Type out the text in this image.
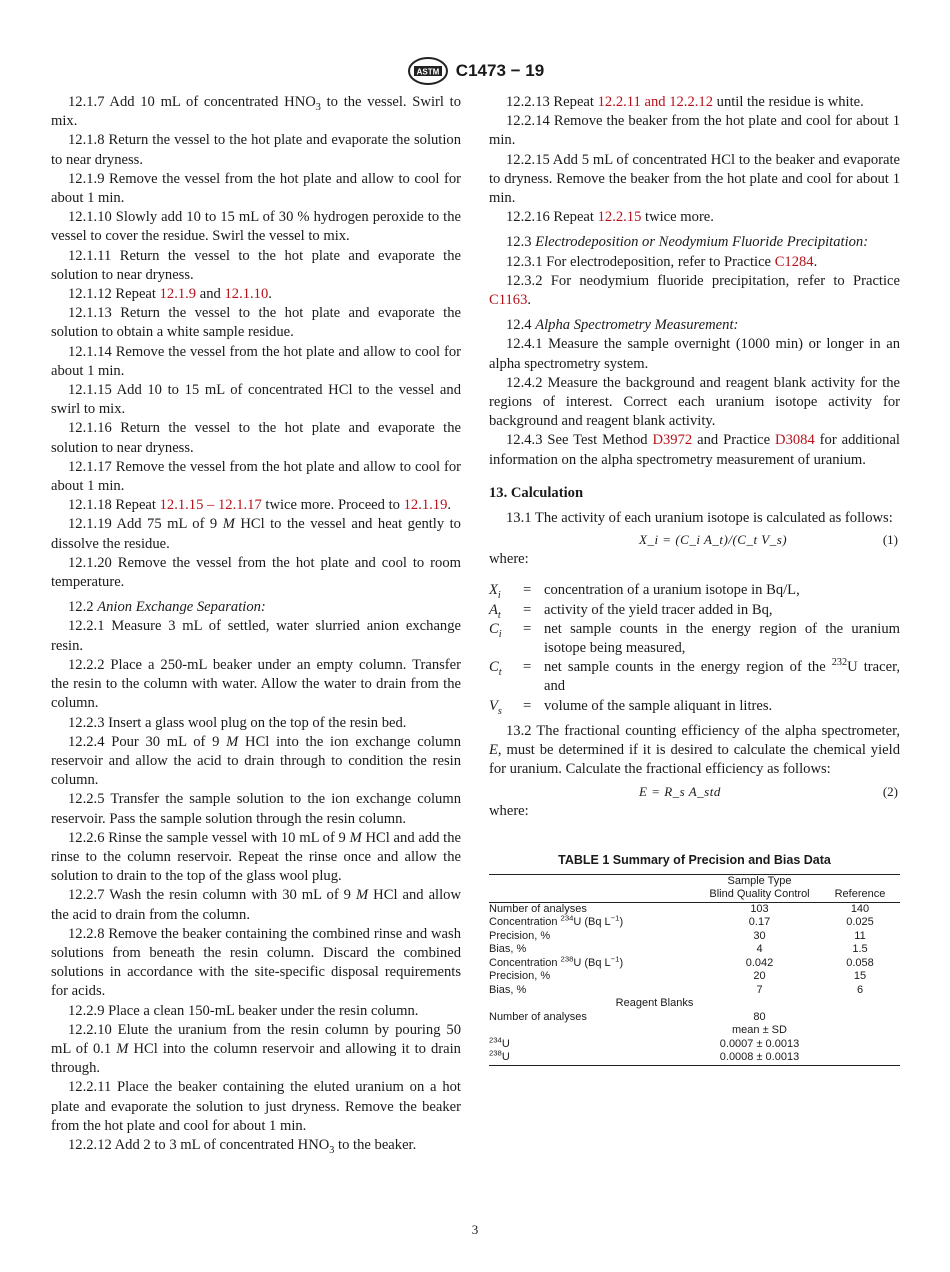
ASTM C1473 − 19
12.1.7 Add 10 mL of concentrated $HNO_3$ to the vessel. Swirl to mix.
12.1.8 Return the vessel to the hot plate and evaporate the solution to near dryness.
12.1.9 Remove the vessel from the hot plate and allow to cool for about 1 min.
12.1.10 Slowly add 10 to 15 mL of 30 % hydrogen peroxide to the vessel to cover the residue. Swirl the vessel to mix.
12.1.11 Return the vessel to the hot plate and evaporate the solution to near dryness.
12.1.12 Repeat 12.1.9 and 12.1.10.
12.1.13 Return the vessel to the hot plate and evaporate the solution to obtain a white sample residue.
12.1.14 Remove the vessel from the hot plate and allow to cool for about 1 min.
12.1.15 Add 10 to 15 mL of concentrated HCl to the vessel and swirl to mix.
12.1.16 Return the vessel to the hot plate and evaporate the solution to near dryness.
12.1.17 Remove the vessel from the hot plate and allow to cool for about 1 min.
12.1.18 Repeat 12.1.15 – 12.1.17 twice more. Proceed to 12.1.19.
12.1.19 Add 75 mL of 9 M HCl to the vessel and heat gently to dissolve the residue.
12.1.20 Remove the vessel from the hot plate and cool to room temperature.
12.2 Anion Exchange Separation:
12.2.1 Measure 3 mL of settled, water slurried anion exchange resin.
12.2.2 Place a 250-mL beaker under an empty column. Transfer the resin to the column with water. Allow the water to drain from the column.
12.2.3 Insert a glass wool plug on the top of the resin bed.
12.2.4 Pour 30 mL of 9 M HCl into the ion exchange column reservoir and allow the acid to drain through to condition the resin column.
12.2.5 Transfer the sample solution to the ion exchange column reservoir. Pass the sample solution through the resin column.
12.2.6 Rinse the sample vessel with 10 mL of 9 M HCl and add the rinse to the column reservoir. Repeat the rinse once and allow the solution to drain to the top of the glass wool plug.
12.2.7 Wash the resin column with 30 mL of 9 M HCl and allow the acid to drain from the column.
12.2.8 Remove the beaker containing the combined rinse and wash solutions from beneath the resin column. Discard the combined solutions in accordance with the site-specific disposal requirements for acids.
12.2.9 Place a clean 150-mL beaker under the resin column.
12.2.10 Elute the uranium from the resin column by pouring 50 mL of 0.1 M HCl into the column reservoir and allowing it to drain through.
12.2.11 Place the beaker containing the eluted uranium on a hot plate and evaporate the solution to just dryness. Remove the beaker from the hot plate and cool for about 1 min.
12.2.12 Add 2 to 3 mL of concentrated $HNO_3$ to the beaker.
12.2.13 Repeat 12.2.11 and 12.2.12 until the residue is white.
12.2.14 Remove the beaker from the hot plate and cool for about 1 min.
12.2.15 Add 5 mL of concentrated HCl to the beaker and evaporate to dryness. Remove the beaker from the hot plate and cool for about 1 min.
12.2.16 Repeat 12.2.15 twice more.
12.3 Electrodeposition or Neodymium Fluoride Precipitation:
12.3.1 For electrodeposition, refer to Practice C1284.
12.3.2 For neodymium fluoride precipitation, refer to Practice C1163.
12.4 Alpha Spectrometry Measurement:
12.4.1 Measure the sample overnight (1000 min) or longer in an alpha spectrometry system.
12.4.2 Measure the background and reagent blank activity for the regions of interest. Correct each uranium isotope activity for background and reagent blank activity.
12.4.3 See Test Method D3972 and Practice D3084 for additional information on the alpha spectrometry measurement of uranium.
13. Calculation
13.1 The activity of each uranium isotope is calculated as follows:
X_i = (C_i A_t)/(C_t V_s)	(1)
where:
$X_i$	= concentration of a uranium isotope in Bq/L,
$A_t$	= activity of the yield tracer added in Bq,
$C_i$	= net sample counts in the energy region of the uranium isotope being measured,
$C_t$	= net sample counts in the energy region of the $^{232}$U tracer, and
$V_s$	= volume of the sample aliquant in litres.
13.2 The fractional counting efficiency of the alpha spectrometer, E, must be determined if it is desired to calculate the chemical yield for uranium. Calculate the fractional efficiency as follows:
E = R_s A_std	(2)
where:
TABLE 1 Summary of Precision and Bias Data
	Sample Type	
	Blind Quality Control	Reference
Number of analyses	103	140
Concentration $^{234}$U (Bq $L^{-1}$)	0.17	0.025
Precision, %	30	11
Bias, %	4	1.5
Concentration $^{238}$U (Bq $L^{-1}$)	0.042	0.058
Precision, %	20	15
Bias, %	7	6
Reagent Blanks		
Number of analyses	80	
	mean ± SD	
$^{234}$U	0.0007 ± 0.0013	
$^{238}$U	0.0008 ± 0.0013	
3
